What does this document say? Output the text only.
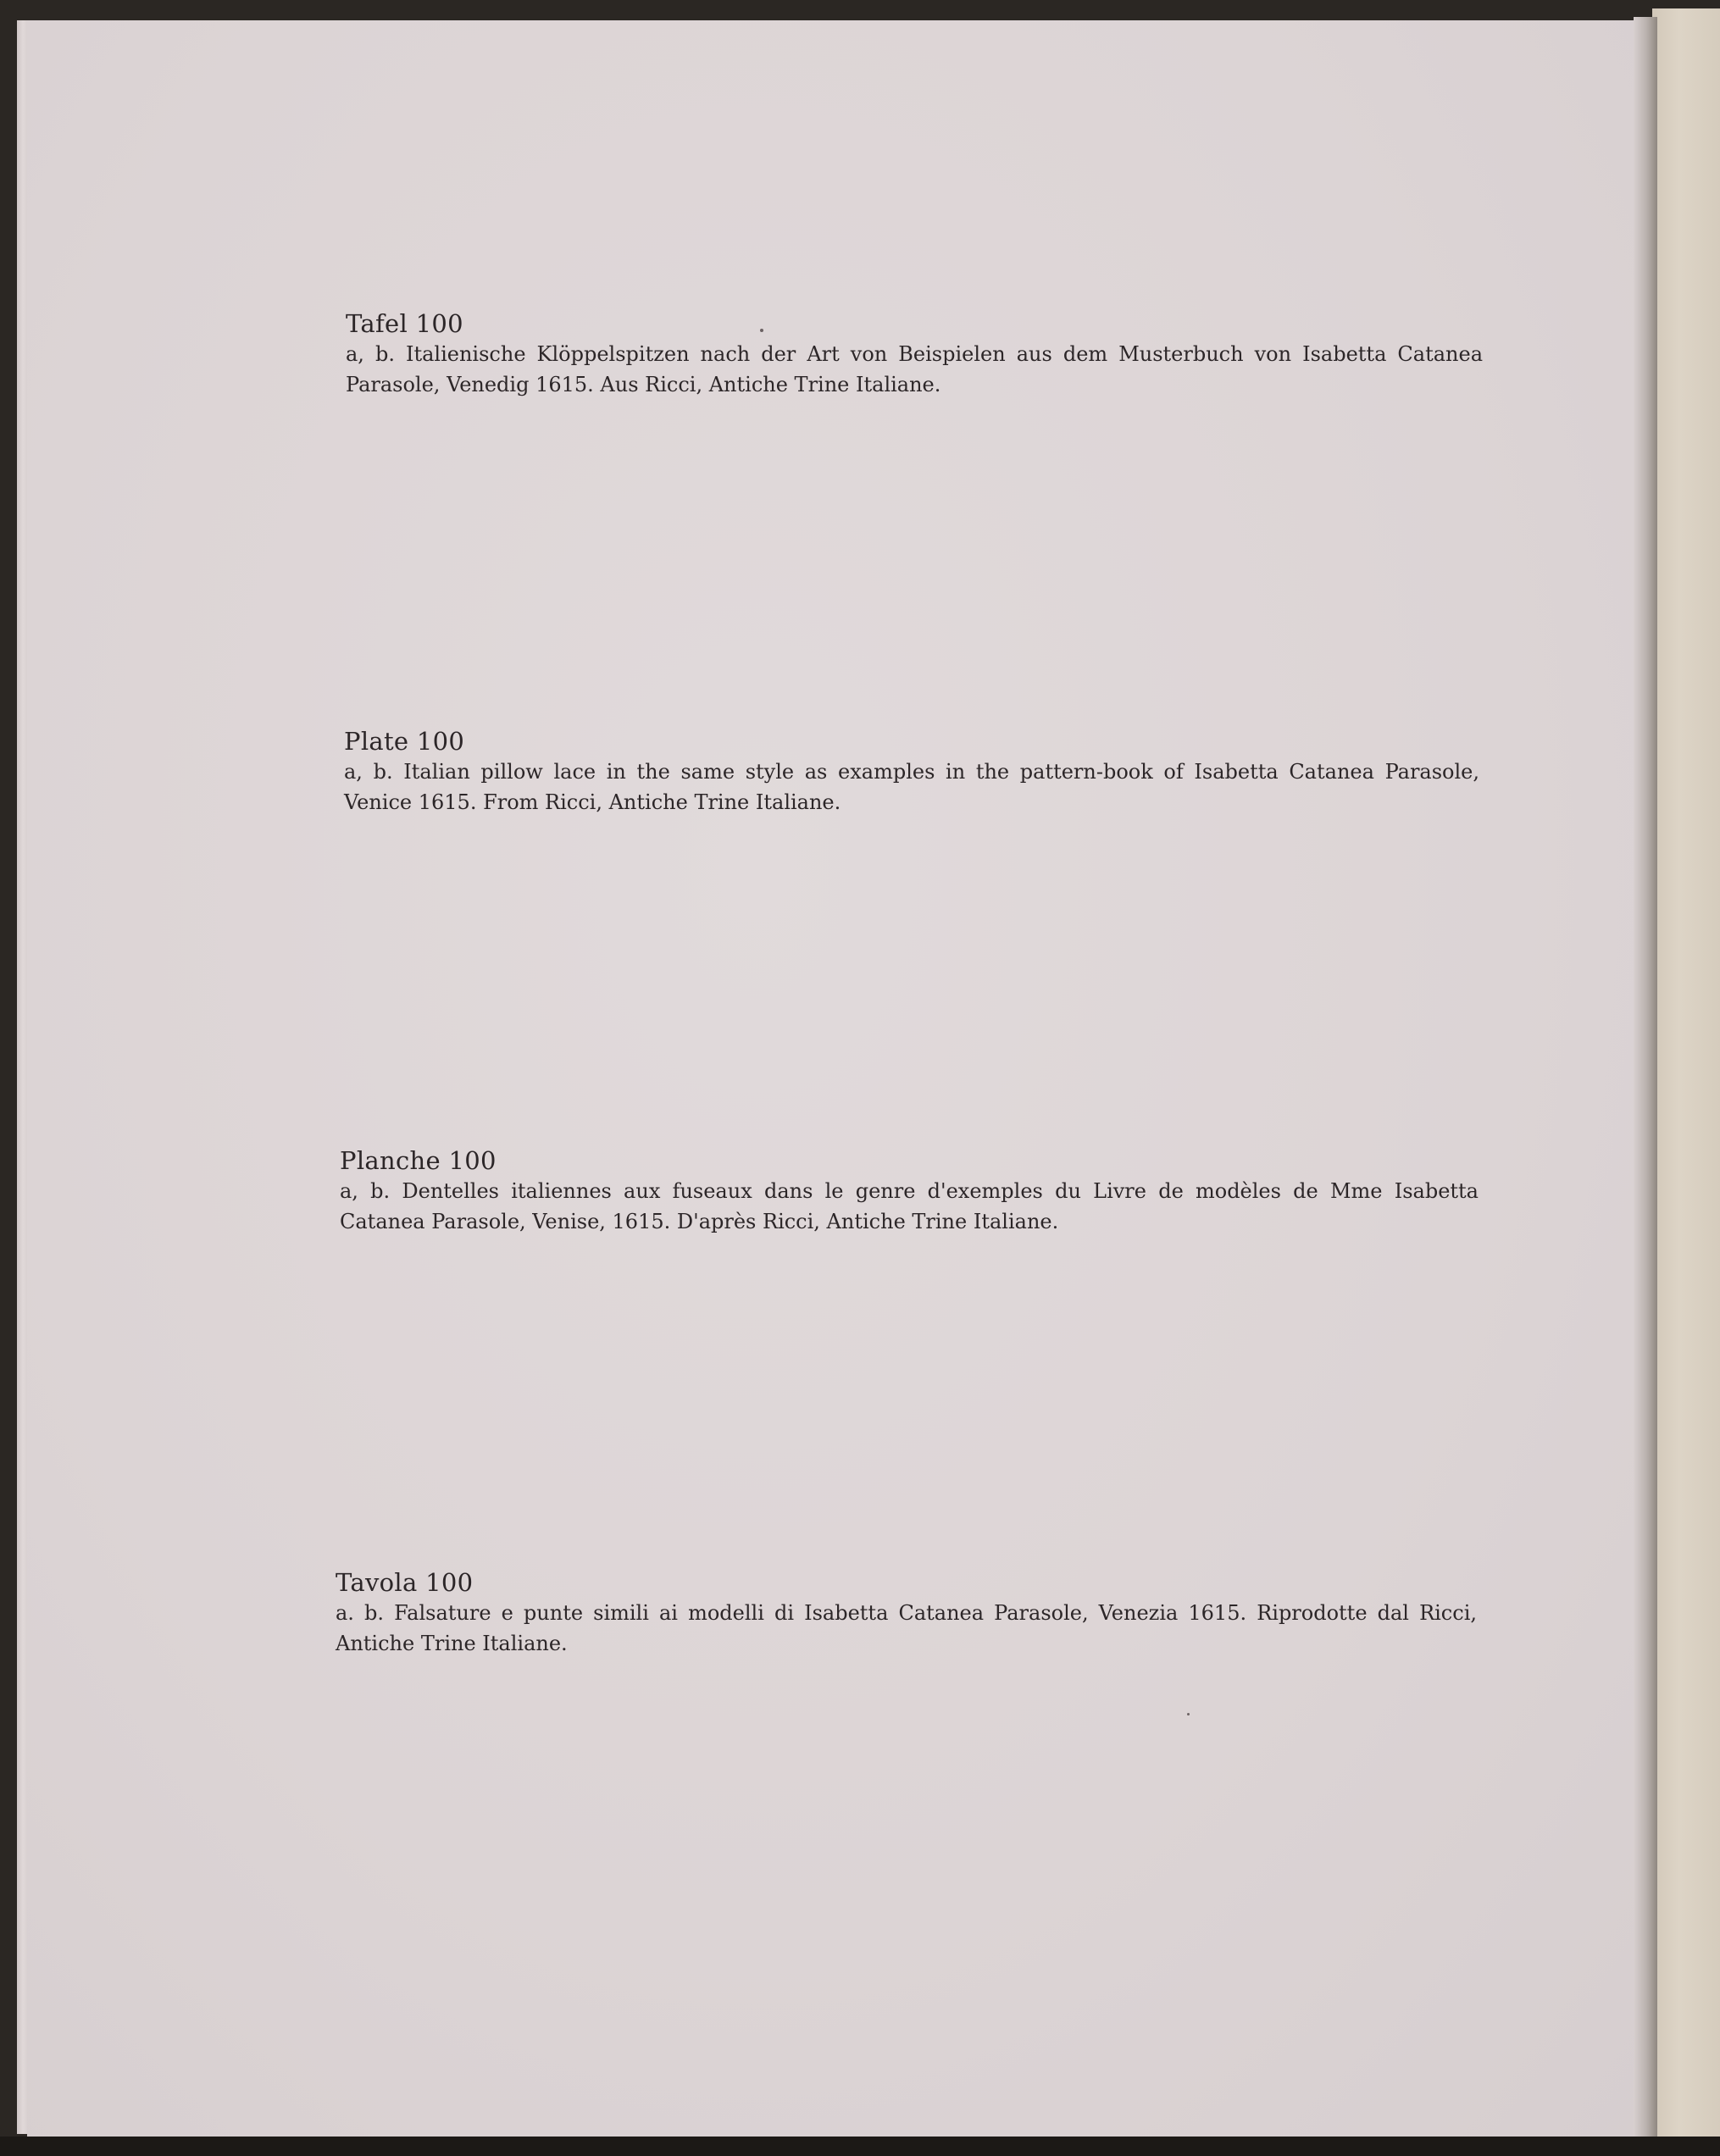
Tafel 100
a, b. Italienische Klöppelspitzen nach der Art von Beispielen aus dem Musterbuch von Isabetta Catanea
Parasole, Venedig 1615. Aus Ricci, Antiche Trine Italiane.
Plate 100
a, b. Italian pillow lace in the same style as examples in the pattern-book of Isabetta Catanea Parasole,
Venice 1615. From Ricci, Antiche Trine Italiane.
Planche 100
a, b. Dentelles italiennes aux fuseaux dans le genre d'exemples du Livre de modèles de Mme Isabetta
Catanea Parasole, Venise, 1615. D'après Ricci, Antiche Trine Italiane.
Tavola 100
a. b. Falsature e punte simili ai modelli di Isabetta Catanea Parasole, Venezia 1615. Riprodotte dal Ricci,
Antiche Trine Italiane.
